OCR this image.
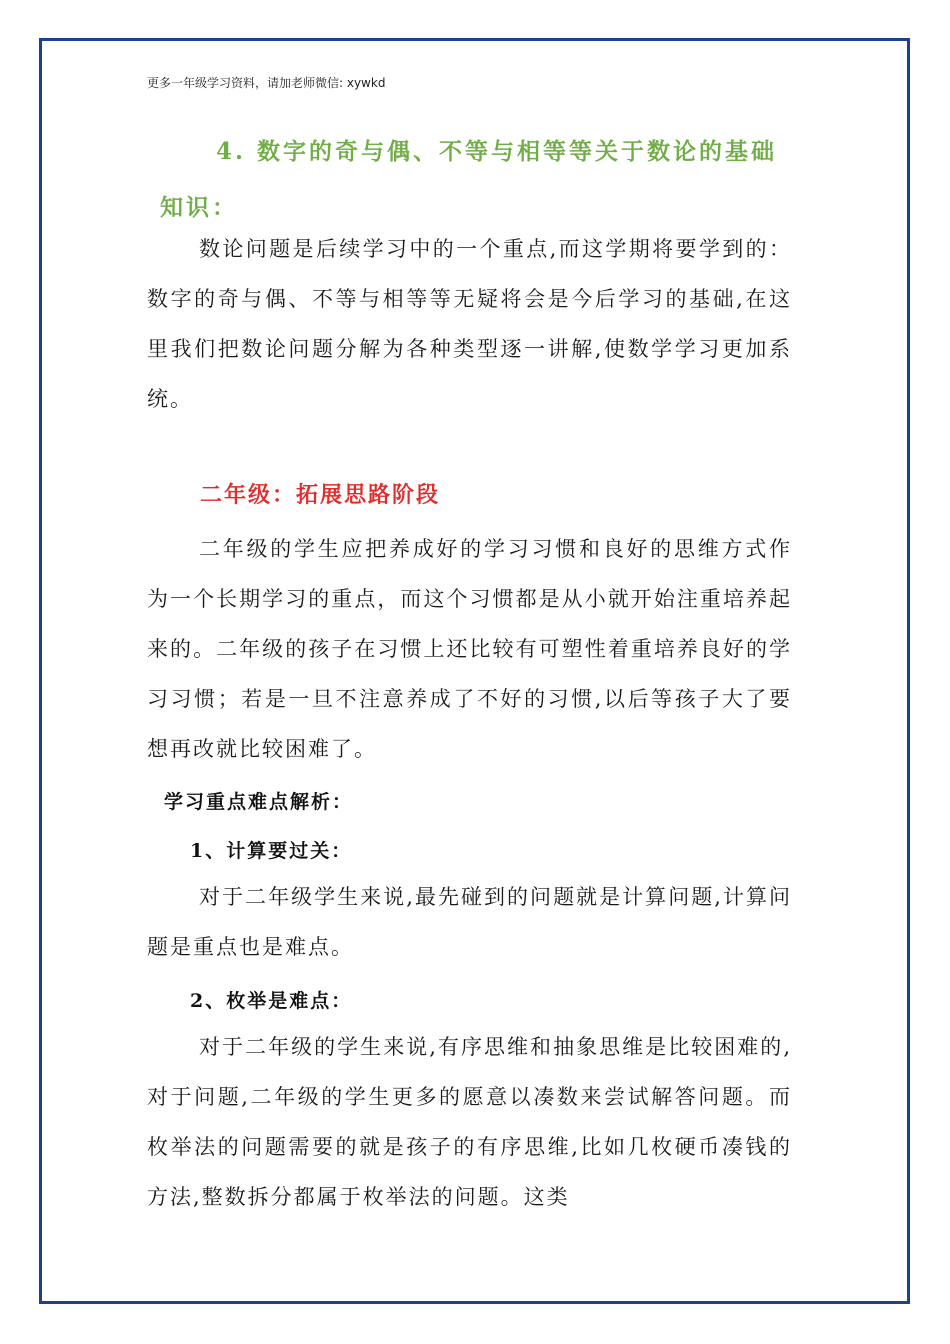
更多一年级学习资料，请加老师微信: xywkd
4. 数字的奇与偶、不等与相等等关于数论的基础知识：
数论问题是后续学习中的一个重点,而这学期将要学到的：数字的奇与偶、不等与相等等无疑将会是今后学习的基础,在这里我们把数论问题分解为各种类型逐一讲解,使数学学习更加系统。
二年级：拓展思路阶段
二年级的学生应把养成好的学习习惯和良好的思维方式作为一个长期学习的重点，而这个习惯都是从小就开始注重培养起来的。二年级的孩子在习惯上还比较有可塑性着重培养良好的学习习惯；若是一旦不注意养成了不好的习惯,以后等孩子大了要想再改就比较困难了。
学习重点难点解析：
1、计算要过关：
对于二年级学生来说,最先碰到的问题就是计算问题,计算问题是重点也是难点。
2、枚举是难点：
对于二年级的学生来说,有序思维和抽象思维是比较困难的,对于问题,二年级的学生更多的愿意以凑数来尝试解答问题。而枚举法的问题需要的就是孩子的有序思维,比如几枚硬币凑钱的方法,整数拆分都属于枚举法的问题。这类
